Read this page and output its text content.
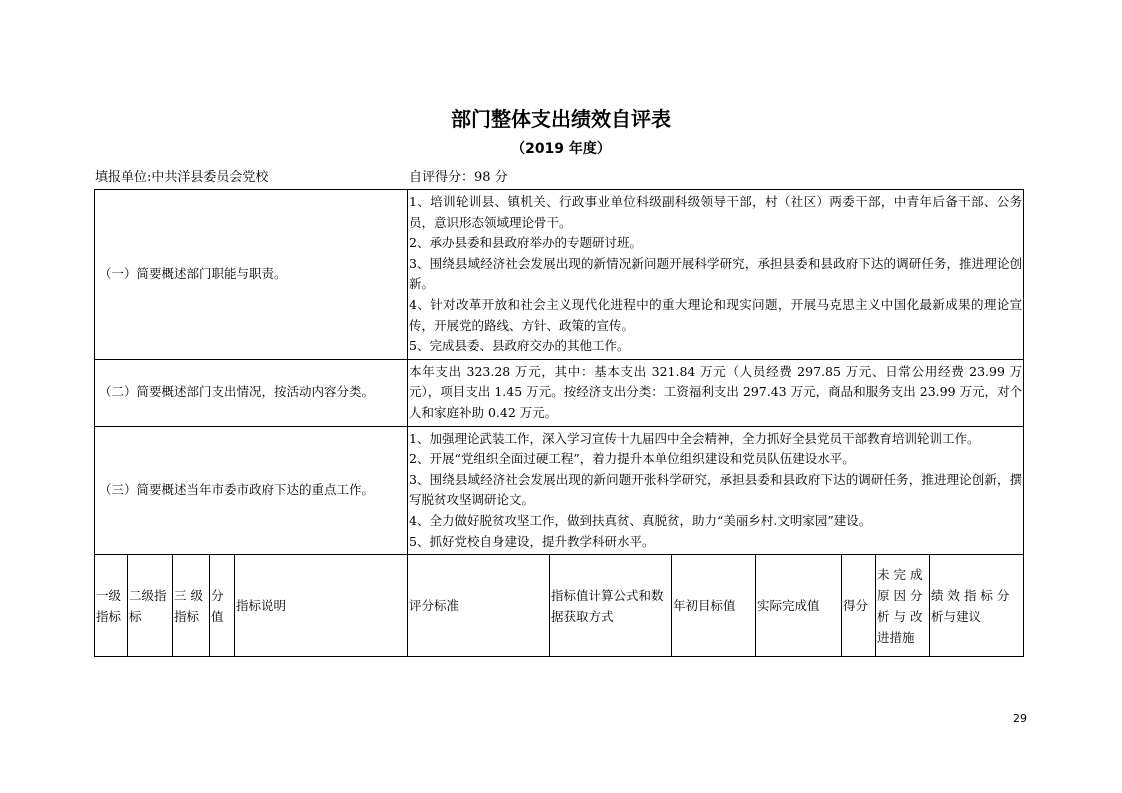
部门整体支出绩效自评表
（2019 年度）
填报单位:中共洋县委员会党校	自评得分：98 分
（一）简要概述部门职能与职责。					1、培训轮训县、镇机关、行政事业单位科级副科级领导干部，村（社区）两委干部，中青年后备干部、公务员，意识形态领域理论骨干。
2、承办县委和县政府举办的专题研讨班。
3、围绕县域经济社会发展出现的新情况新问题开展科学研究，承担县委和县政府下达的调研任务，推进理论创新。
4、针对改革开放和社会主义现代化进程中的重大理论和现实问题，开展马克思主义中国化最新成果的理论宣传，开展党的路线、方针、政策的宣传。
5、完成县委、县政府交办的其他工作。						

（二）简要概述部门支出情况，按活动内容分类。					本年支出 323.28 万元，其中：基本支出 321.84 万元（人员经费 297.85 万元、日常公用经费 23.99 万元），项目支出 1.45 万元。按经济支出分类：工资福利支出 297.43 万元，商品和服务支出 23.99 万元，对个人和家庭补助 0.42 万元。						

（三）简要概述当年市委市政府下达的重点工作。					1、加强理论武装工作，深入学习宣传十九届四中全会精神，全力抓好全县党员干部教育培训轮训工作。
2、开展“党组织全面过硬工程”，着力提升本单位组织建设和党员队伍建设水平。
3、围绕县域经济社会发展出现的新问题开张科学研究，承担县委和县政府下达的调研任务，推进理论创新，撰写脱贫攻坚调研论文。
4、全力做好脱贫攻坚工作，做到扶真贫、真脱贫，助力“美丽乡村.文明家园”建设。
5、抓好党校自身建设，提升教学科研水平。						

一级指标	二级指标	三 级指标	分值	指标说明	评分标准	指标值计算公式和数据获取方式	年初目标值	实际完成值	得分	未 完 成原 因 分析 与 改进措施	绩 效 指 标 分 析与建议
29
